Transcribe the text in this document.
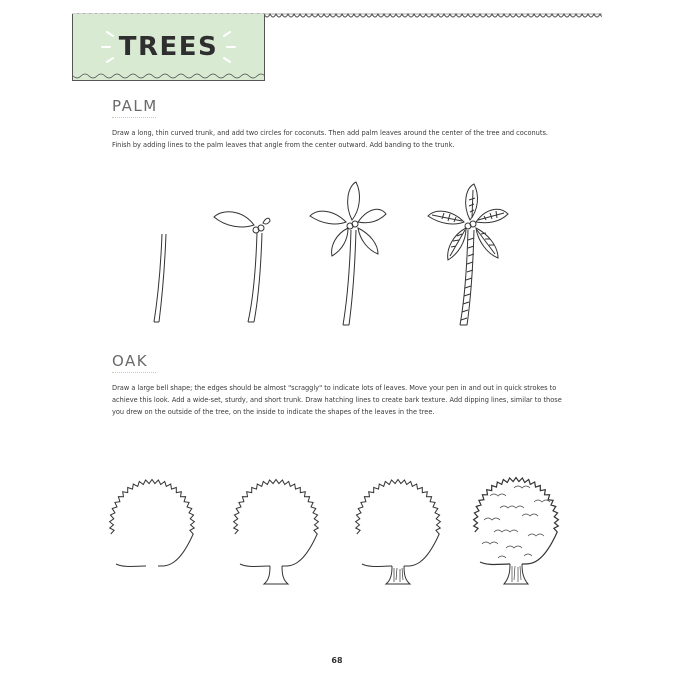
TREES
PALM
Draw a long, thin curved trunk, and add two circles for coconuts. Then add palm leaves around the center of the tree and coconuts. Finish by adding lines to the palm leaves that angle from the center outward. Add banding to the trunk.
OAK
Draw a large bell shape; the edges should be almost "scraggly" to indicate lots of leaves. Move your pen in and out in quick strokes to achieve this look. Add a wide-set, sturdy, and short trunk. Draw hatching lines to create bark texture. Add dipping lines, similar to those you drew on the outside of the tree, on the inside to indicate the shapes of the leaves in the tree.
68
